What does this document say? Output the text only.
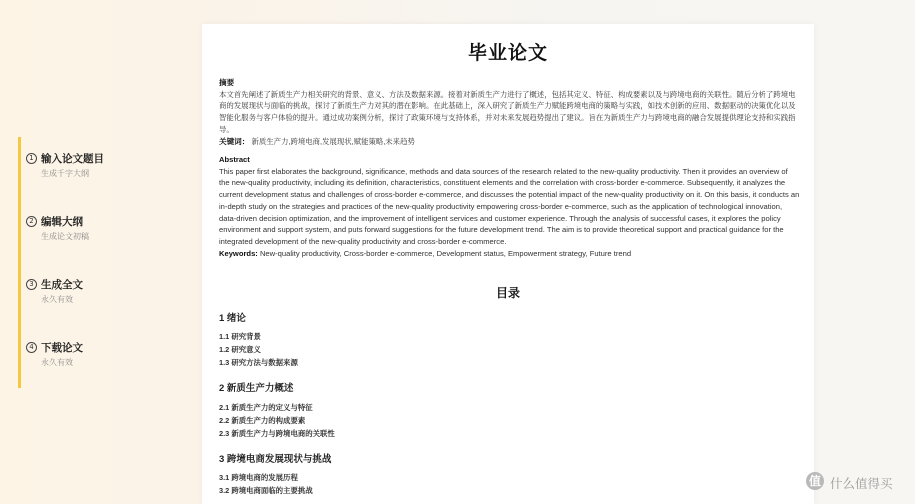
1 输入论文题目
生成千字大纲
2 编辑大纲
生成论文初稿
3 生成全文
永久有效
4 下载论文
永久有效
毕业论文
摘要
本文首先阐述了新质生产力相关研究的背景、意义、方法及数据来源。接着对新质生产力进行了概述，包括其定义、特征、构成要素以及与跨境电商的关联性。随后分析了跨境电商的发展现状与面临的挑战，探讨了新质生产力对其的潜在影响。在此基础上，深入研究了新质生产力赋能跨境电商的策略与实践，如技术创新的应用、数据驱动的决策优化以及智能化服务与客户体验的提升。通过成功案例分析，探讨了政策环境与支持体系，并对未来发展趋势提出了建议。旨在为新质生产力与跨境电商的融合发展提供理论支持和实践指导。
关键词： 新质生产力,跨境电商,发展现状,赋能策略,未来趋势
Abstract
This paper first elaborates the background, significance, methods and data sources of the research related to the new-quality productivity. Then it provides an overview of the new-quality productivity, including its definition, characteristics, constituent elements and the correlation with cross-border e-commerce. Subsequently, it analyzes the current development status and challenges of cross-border e-commerce, and discusses the potential impact of the new-quality productivity on it. On this basis, it conducts an in-depth study on the strategies and practices of the new-quality productivity empowering cross-border e-commerce, such as the application of technological innovation, data-driven decision optimization, and the improvement of intelligent services and customer experience. Through the analysis of successful cases, it explores the policy environment and support system, and puts forward suggestions for the future development trend. The aim is to provide theoretical support and practical guidance for the integrated development of the new-quality productivity and cross-border e-commerce.
Keywords: New-quality productivity, Cross-border e-commerce, Development status, Empowerment strategy, Future trend
目录
1 绪论
1.1 研究背景
1.2 研究意义
1.3 研究方法与数据来源
2 新质生产力概述
2.1 新质生产力的定义与特征
2.2 新质生产力的构成要素
2.3 新质生产力与跨境电商的关联性
3 跨境电商发展现状与挑战
3.1 跨境电商的发展历程
3.2 跨境电商面临的主要挑战
值 什么值得买
